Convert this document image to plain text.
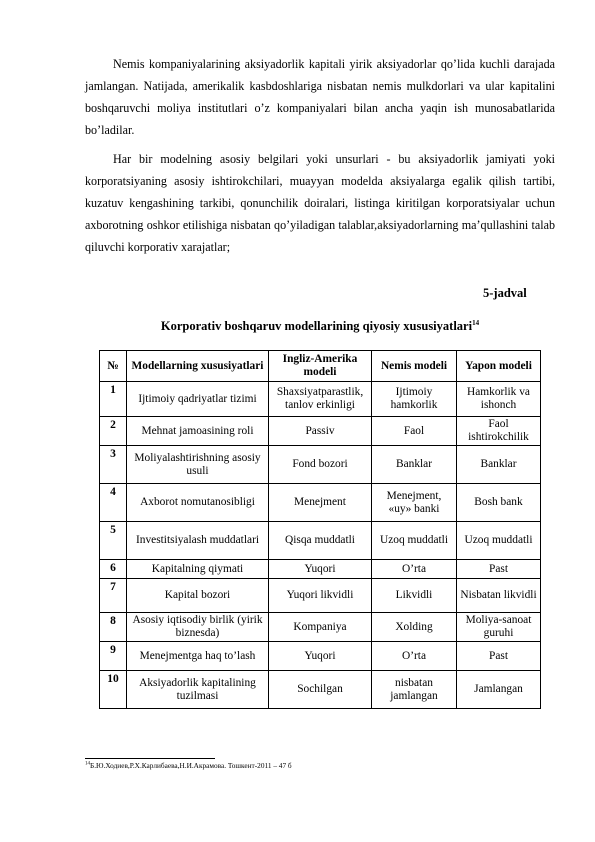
Nemis kompaniyalarining aksiyadorlik kapitali yirik aksiyadorlar qo’lida kuchli darajada jamlangan. Natijada, amerikalik kasbdoshlariga nisbatan nemis mulkdorlari va ular kapitalini boshqaruvchi moliya institutlari o’z kompaniyalari bilan ancha yaqin ish munosabatlarida bo’ladilar.

Har bir modelning asosiy belgilari yoki unsurlari - bu aksiyadorlik jamiyati yoki korporatsiyaning asosiy ishtirokchilari, muayyan modelda aksiyalarga egalik qilish tartibi, kuzatuv kengashining tarkibi, qonunchilik doiralari, listinga kiritilgan korporatsiyalar uchun axborotning oshkor etilishiga nisbatan qo’yiladigan talablar,aksiyadorlarning ma’qullashini talab qiluvchi korporativ xarajatlar;

5-jadval
Korporativ boshqaruv modellarining qiyosiy xususiyatlari$^{14}$
№	Modellarning xususiyatlari	Ingliz-Amerika modeli	Nemis modeli	Yapon modeli
1	Ijtimoiy qadriyatlar tizimi	Shaxsiyatparastlik, tanlov erkinligi	Ijtimoiy hamkorlik	Hamkorlik va ishonch
2	Mehnat jamoasining roli	Passiv	Faol	Faol ishtirokchilik
3	Moliyalashtirishning asosiy usuli	Fond bozori	Banklar	Banklar
4	Axborot nomutanosibligi	Menejment	Menejment, «uy» banki	Bosh bank
5	Investitsiyalash muddatlari	Qisqa muddatli	Uzoq muddatli	Uzoq muddatli
6	Kapitalning qiymati	Yuqori	O’rta	Past
7	Kapital bozori	Yuqori likvidli	Likvidli	Nisbatan likvidli
8	Asosiy iqtisodiy birlik (yirik biznesda)	Kompaniya	Xolding	Moliya-sanoat guruhi
9	Menejmentga haq to’lash	Yuqori	O’rta	Past
10	Aksiyadorlik kapitalining tuzilmasi	Sochilgan	nisbatan jamlangan	Jamlangan
$^{14}$Б.Ю.Ходиев,Р.Х.Карлибаева,Н.И.Акрамова. Тошкент-2011 – 47 б
